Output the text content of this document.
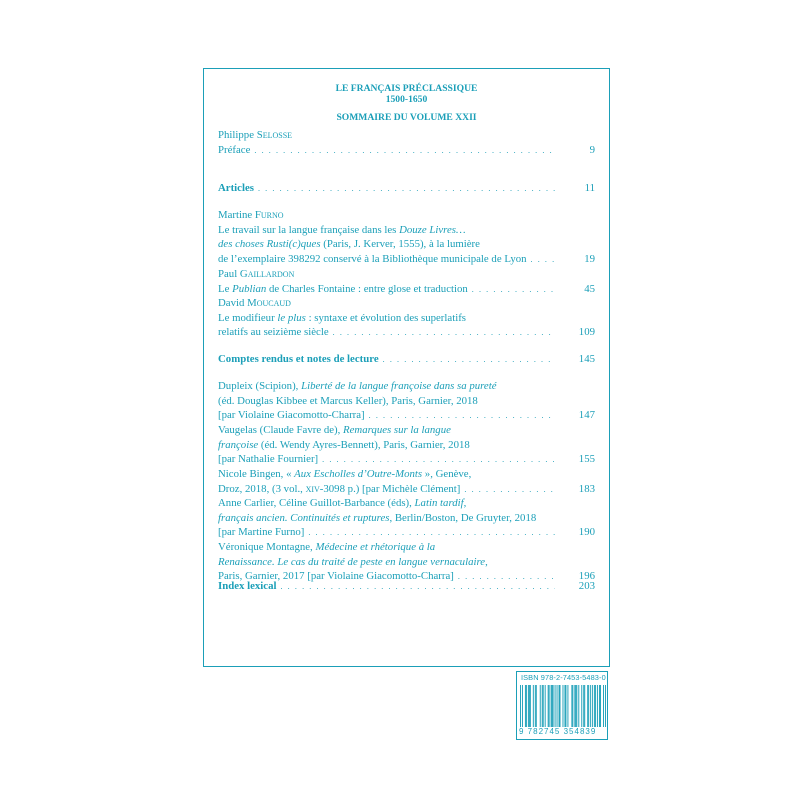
LE FRANÇAIS PRÉCLASSIQUE
1500-1650
SOMMAIRE DU VOLUME XXII
Philippe
Selosse
Préface . . .	9
Articles . . .	11
Martine
Furno
Le travail sur la langue française dans les Douze Livres…
des choses Rusti(c)ques (Paris, J. Kerver, 1555), à la lumière
de l’exemplaire 398292 conservé à la Bibliothèque municipale de Lyon . . .	19
Paul
Gaillardon
Le Publian de Charles Fontaine : entre glose et traduction . . .	45
David
Moucaud
Le modifieur le plus : syntaxe et évolution des superlatifs
relatifs au seizième siècle . . .	109
Comptes rendus et notes de lecture . . .	145
Dupleix (Scipion), Liberté de la langue françoise dans sa pureté
(éd. Douglas Kibbee et Marcus Keller), Paris, Garnier, 2018
[par Violaine Giacomotto-Charra] . . .	147
Vaugelas (Claude Favre de), Remarques sur la langue
françoise (éd. Wendy Ayres-Bennett), Paris, Garnier, 2018
[par Nathalie Fournier] . . .	155
Nicole Bingen, « Aux Escholles d’Outre-Monts », Genève,
Droz, 2018, (3 vol., xiv-3098 p.) [par Michèle Clément] . . .	183
Anne Carlier, Céline Guillot-Barbance (éds), Latin tardif,
français ancien. Continuités et ruptures , Berlin/Boston, De Gruyter, 2018
[par Martine Furno] . . .	190
Véronique Montagne, Médecine et rhétorique à la
Renaissance. Le cas du traité de peste en langue vernaculaire ,
Paris, Garnier, 2017 [par Violaine Giacomotto-Charra] . . .	196
Index lexical . . .	203
ISBN 978-2-7453-5483-0
9 782745 354839
